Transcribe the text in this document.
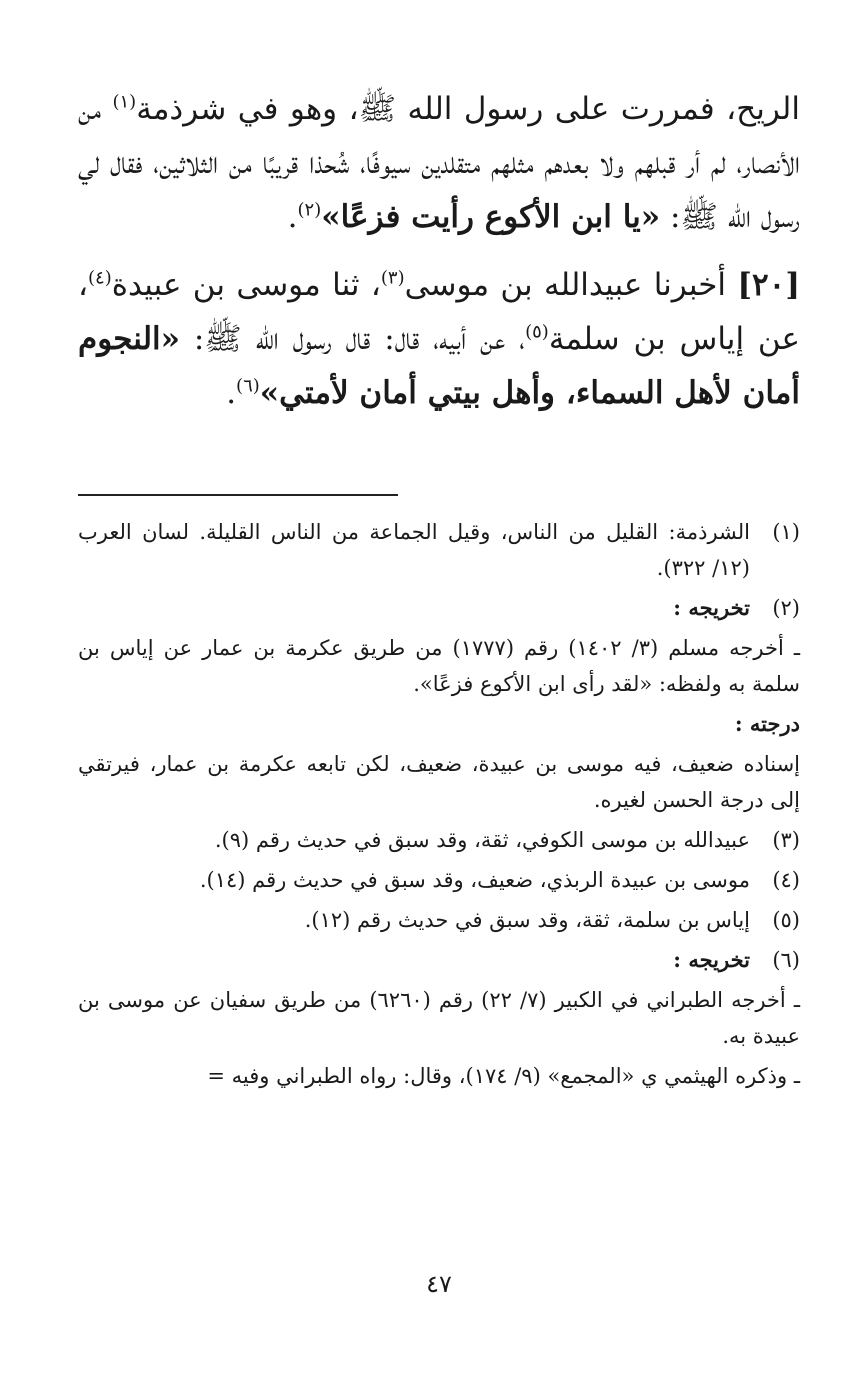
الريح، فمررت على رسول الله ﷺ، وهو في شرذمة$^{(١)}$ من الأنصار، لم أر قبلهم ولا بعدهم مثلهم متقلدين سيوفًا، شُحذا قريبًا من الثلاثين، فقال لي رسول الله ﷺ: «يا ابن الأكوع رأيت فزعًا»$^{(٢)}$.

[٢٠] أخبرنا عبيدالله بن موسى$^{(٣)}$، ثنا موسى بن عبيدة$^{(٤)}$، عن إياس بن سلمة$^{(٥)}$، عن أبيه، قال: قال رسول الله ﷺ: «النجوم أمان لأهل السماء، وأهل بيتي أمان لأمتي»$^{(٦)}$.

(١)
الشرذمة: القليل من الناس، وقيل الجماعة من الناس القليلة. لسان العرب (١٢/ ٣٢٢).
(٢)
تخريجه :
ـ أخرجه مسلم (٣/ ١٤٠٢) رقم (١٧٧٧) من طريق عكرمة بن عمار عن إياس بن سلمة به ولفظه: «لقد رأى ابن الأكوع فزعًا».
درجته :
إسناده ضعيف، فيه موسى بن عبيدة، ضعيف، لكن تابعه عكرمة بن عمار، فيرتقي إلى درجة الحسن لغيره.
(٣)
عبيدالله بن موسى الكوفي، ثقة، وقد سبق في حديث رقم (٩).
(٤)
موسى بن عبيدة الربذي، ضعيف، وقد سبق في حديث رقم (١٤).
(٥)
إياس بن سلمة، ثقة، وقد سبق في حديث رقم (١٢).
(٦)
تخريجه :
ـ أخرجه الطبراني في الكبير (٧/ ٢٢) رقم (٦٢٦٠) من طريق سفيان عن موسى بن عبيدة به.
ـ وذكره الهيثمي ي «المجمع» (٩/ ١٧٤)، وقال: رواه الطبراني وفيه =
٤٧
